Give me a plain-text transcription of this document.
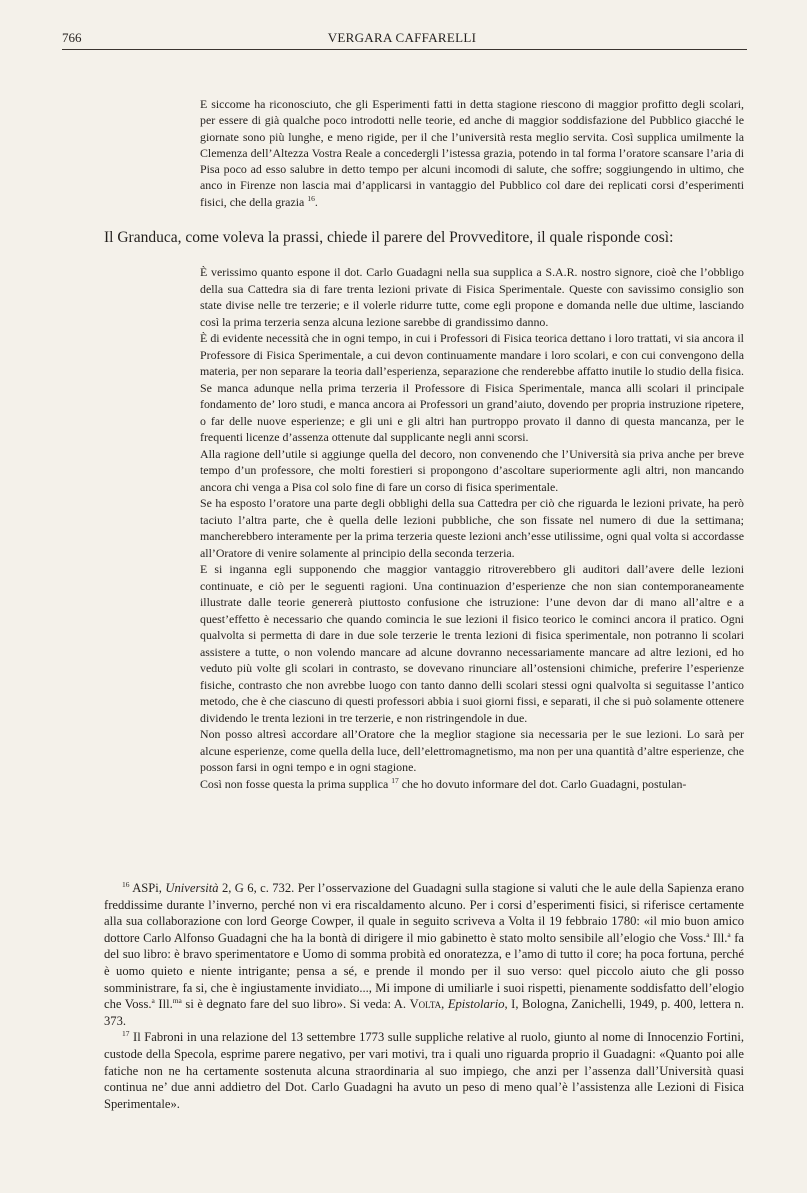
766	VERGARA CAFFARELLI
E siccome ha riconosciuto, che gli Esperimenti fatti in detta stagione riescono di maggior profitto degli scolari, per essere di già qualche poco introdotti nelle teorie, ed anche di maggior soddisfazione del Pubblico giacché le giornate sono più lunghe, e meno rigide, per il che l’università resta meglio servita. Così supplica umilmente la Clemenza dell’Altezza Vostra Reale a concedergli l’istessa grazia, potendo in tal forma l’oratore scansare l’aria di Pisa poco ad esso salubre in detto tempo per alcuni incomodi di salute, che soffre; soggiungendo in ultimo, che anco in Firenze non lascia mai d’applicarsi in vantaggio del Pubblico col dare dei replicati corsi d’esperimenti fisici, che della grazia $^{16}$.
Il Granduca, come voleva la prassi, chiede il parere del Provveditore, il quale risponde così:

È verissimo quanto espone il dot. Carlo Guadagni nella sua supplica a S.A.R. nostro signore, cioè che l’obbligo della sua Cattedra sia di fare trenta lezioni private di Fisica Sperimentale. Queste con savissimo consiglio son state divise nelle tre terzerie; e il volerle ridurre tutte, come egli propone e domanda nelle due ultime, lasciando così la prima terzeria senza alcuna lezione sarebbe di grandissimo danno.

È di evidente necessità che in ogni tempo, in cui i Professori di Fisica teorica dettano i loro trattati, vi sia ancora il Professore di Fisica Sperimentale, a cui devon continuamente mandare i loro scolari, e con cui convengono della materia, per non separare la teoria dall’esperienza, separazione che renderebbe affatto inutile lo studio della fisica. Se manca adunque nella prima terzeria il Professore di Fisica Sperimentale, manca alli scolari il principale fondamento de’ loro studi, e manca ancora ai Professori un grand’aiuto, dovendo per propria instruzione ripetere, o far delle nuove esperienze; e gli uni e gli altri han purtroppo provato il danno di questa mancanza, per le frequenti licenze d’assenza ottenute dal supplicante negli anni scorsi.

Alla ragione dell’utile si aggiunge quella del decoro, non convenendo che l’Università sia priva anche per breve tempo d’un professore, che molti forestieri si propongono d’ascoltare superiormente agli altri, non mancando ancora chi venga a Pisa col solo fine di fare un corso di fisica sperimentale.

Se ha esposto l’oratore una parte degli obblighi della sua Cattedra per ciò che riguarda le lezioni private, ha però taciuto l’altra parte, che è quella delle lezioni pubbliche, che son fissate nel numero di due la settimana; mancherebbero interamente per la prima terzeria queste lezioni anch’esse utilissime, ogni qual volta si accordasse all’Oratore di venire solamente al principio della seconda terzeria.

E si inganna egli supponendo che maggior vantaggio ritroverebbero gli auditori dall’avere delle lezioni continuate, e ciò per le seguenti ragioni. Una continuazion d’esperienze che non sian contemporaneamente illustrate dalle teorie genererà piuttosto confusione che istruzione: l’une devon dar di mano all’altre e a quest’effetto è necessario che quando comincia le sue lezioni il fisico teorico le cominci ancora il pratico. Ogni qualvolta si permetta di dare in due sole terzerie le trenta lezioni di fisica sperimentale, non potranno li scolari assistere a tutte, o non volendo mancare ad alcune dovranno necessariamente mancare ad altre lezioni, ed ho veduto più volte gli scolari in contrasto, se dovevano rinunciare all’ostensioni chimiche, preferire l’esperienze fisiche, contrasto che non avrebbe luogo con tanto danno delli scolari stessi ogni qualvolta si seguitasse l’antico metodo, che è che ciascuno di questi professori abbia i suoi giorni fissi, e separati, il che si può solamente ottenere dividendo le trenta lezioni in tre terzerie, e non ristringendole in due.

Non posso altresì accordare all’Oratore che la meglior stagione sia necessaria per le sue lezioni. Lo sarà per alcune esperienze, come quella della luce, dell’elettromagnetismo, ma non per una quantità d’altre esperienze, che posson farsi in ogni tempo e in ogni stagione.

Così non fosse questa la prima supplica $^{17}$ che ho dovuto informare del dot. Carlo Guadagni, postulan-

$^{16}$ ASPi, Università 2, G 6, c. 732. Per l’osservazione del Guadagni sulla stagione si valuti che le aule della Sapienza erano freddissime durante l’inverno, perché non vi era riscaldamento alcuno. Per i corsi d’esperimenti fisici, si riferisce certamente alla sua collaborazione con lord George Cowper, il quale in seguito scriveva a Volta il 19 febbraio 1780: «il mio buon amico dottore Carlo Alfonso Guadagni che ha la bontà di dirigere il mio gabinetto è stato molto sensibile all’elogio che Voss.$^a$ Ill.$^a$ fa del suo libro: è bravo sperimentatore e Uomo di somma probità ed onoratezza, e l’amo di tutto il core; ha poca fortuna, perché è uomo quieto e niente intrigante; pensa a sé, e prende il mondo per il suo verso: quel piccolo aiuto che gli posso somministrare, fa si, che è ingiustamente invidiato..., Mi impone di umiliarle i suoi rispetti, pienamente soddisfatto dell’elogio che Voss.$^a$ Ill.$^{ma}$ si è degnato fare del suo libro». Si veda: A. Volta, Epistolario, I, Bologna, Zanichelli, 1949, p. 400, lettera n. 373.

$^{17}$ Il Fabroni in una relazione del 13 settembre 1773 sulle suppliche relative al ruolo, giunto al nome di Innocenzio Fortini, custode della Specola, esprime parere negativo, per vari motivi, tra i quali uno riguarda proprio il Guadagni: «Quanto poi alle fatiche non ne ha certamente sostenuta alcuna straordinaria al suo impiego, che anzi per l’assenza dall’Università quasi continua ne’ due anni addietro del Dot. Carlo Guadagni ha avuto un peso di meno qual’è l’assistenza alle Lezioni di Fisica Sperimentale».
